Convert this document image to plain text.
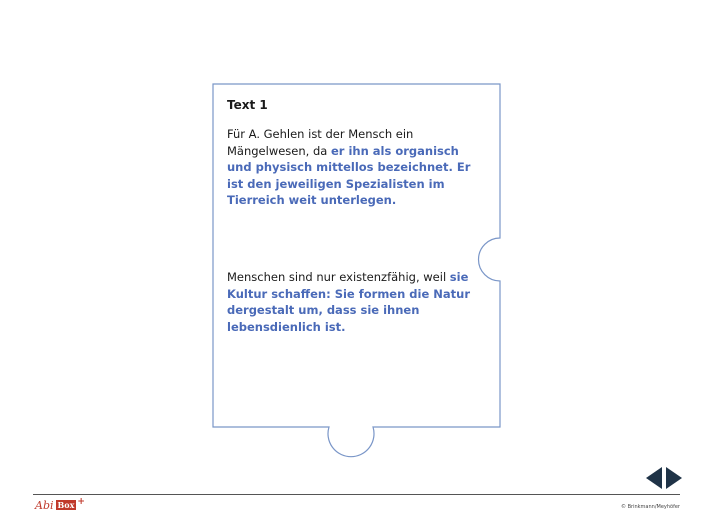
Text 1

Für A. Gehlen ist der Mensch ein Mängelwesen, da er ihn als organisch und physisch mittellos bezeichnet. Er ist den jeweiligen Spezialisten im Tierreich weit unterlegen.

Menschen sind nur existenzfähig, weil sie Kultur schaffen: Sie formen die Natur dergestalt um, dass sie ihnen lebensdienlich ist.

Abi Box +	© Brinkmann/Meyhöfer
